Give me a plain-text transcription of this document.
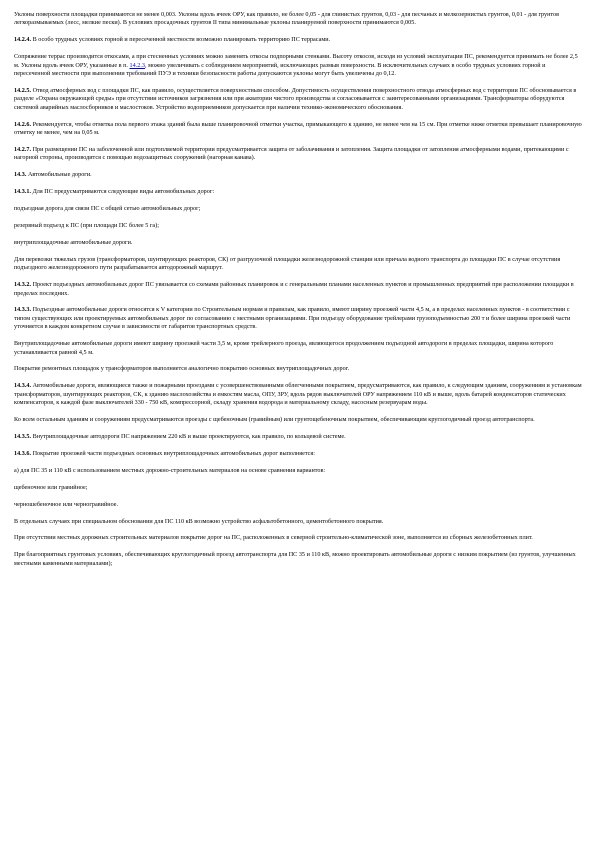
Уклоны поверхности площадки принимаются не менее 0,003. Уклоны вдоль ячеек ОРУ, как правило, не более 0,05 - для глинистых грунтов, 0,03 - для песчаных и мелкозернистых грунтов, 0,01 - для грунтов легкоразмываемых (лесс, мелкие пески). В условиях просадочных грунтов II типа минимальные уклоны планируемой поверхности принимаются 0,005.

14.2.4. В особо трудных условиях горной и пересеченной местности возможно планировать территорию ПС террасами.

Сопряжение террас производится откосами, а при стесненных условиях можно заменять откосы подпорными стенками. Высоту откосов, исходя из условий эксплуатации ПС, рекомендуется принимать не более 2,5 м. Уклоны вдоль ячеек ОРУ, указанные в п. 14.2.3, можно увеличивать с соблюдением мероприятий, исключающих размыв поверхности. В исключительных случаях в особо трудных условиях горной и пересеченной местности при выполнении требований ПУЭ и техники безопасности работы допускаются уклоны могут быть увеличены до 0,12.

14.2.5. Отвод атмосферных вод с площадки ПС, как правило, осуществляется поверхностным способом. Допустимость осуществления поверхностного отвода атмосферных вод с территории ПС обосновывается в разделе «Охрана окружающей среды» при отсутствии источников загрязнения или при акватории чистого производства и согласовывается с заинтересованными организациями. Трансформаторы оборудуются системой аварийных маслосборников и маслостоков. Устройство водоприемников допускается при наличии технико-экономического обоснования.

14.2.6. Рекомендуется, чтобы отметка пола первого этажа зданий была выше планировочной отметки участка, примыкающего к зданию, не менее чем на 15 см. При отметке ниже отметки превышает планировочную отметку не менее, чем на 0,05 м.

14.2.7. При размещении ПС на заболоченной или подтопляемой территории предусматривается защита от заболачивания и затопления. Защита площадки от затопления атмосферными водами, притекающими с нагорной стороны, производится с помощью водозащитных сооружений (нагорная канава).

14.3. Автомобильные дороги.

14.3.1. Для ПС предусматриваются следующие виды автомобильных дорог:

подъездная дорога для связи ПС с общей сетью автомобильных дорог;

резервный подъезд к ПС (при площади ПС более 5 га);

внутриплощадочные автомобильные дороги.

Для перевозки тяжелых грузов (трансформаторов, шунтирующих реакторов, СК) от разгрузочной площадки железнодорожной станции или причала водного транспорта до площадки ПС в случае отсутствия подъездного железнодорожного пути разрабатывается автодорожный маршрут.

14.3.2. Проект подъездных автомобильных дорог ПС увязывается со схемами районных планировок и с генеральными планами населенных пунктов и промышленных предприятий при расположении площадки в пределах последних.

14.3.3. Подъездные автомобильные дороги относятся к V категории по Строительным нормам и правилам, как правило, имеют ширину проезжей части 4,5 м, а в пределах населенных пунктов - в соответствии с типом существующих или проектируемых автомобильных дорог по согласованию с местными организациями. При подъезду оборудование трейлерами грузоподъемностью 200 т и более ширина проезжей части уточняется в каждом конкретном случае в зависимости от габаритов транспортных средств.

Внутриплощадочные автомобильные дороги имеют ширину проезжей части 3,5 м, кроме трейлерного проезда, являющегося продолжением подъездной автодороги в пределах площадки, ширина которого устанавливается равной 4,5 м.

Покрытие ремонтных площадок у трансформаторов выполняется аналогично покрытию основных внутриплощадочных дорог.

14.3.4. Автомобильные дороги, являющиеся также и пожарными проездами с усовершенствованными облегченными покрытием, предусматриваются, как правило, к следующим зданиям, сооружениям и установкам трансформаторов, шунтирующих реакторов, СК, к зданию маслохозяйства и емкостям масла, ОПУ, ЗРУ, вдоль рядов выключателей ОРУ напряжением 110 кВ и выше, вдоль батарей конденсаторов статических компенсаторов, к каждой фазе выключателей 330 - 750 кВ, компрессорной, складу хранения водорода и материальному складу, насосным резервуарам воды.

Ко всем остальным зданиям и сооружениям предусматриваются проезды с щебеночным (гравийным) или грунтощебеночным покрытием, обеспечивающим круглогодичный проезд автотранспорта.

14.3.5. Внутриплощадочные автодороги ПС напряжением 220 кВ и выше проектируются, как правило, по кольцевой системе.

14.3.6. Покрытие проезжей части подъездных основных внутриплощадочных автомобильных дорог выполняется:

а) для ПС 35 и 110 кВ с использованием местных дорожно-строительных материалов на основе сравнения вариантов:

щебеночное или гравийное;

черношебеночное или черногравийное.

В отдельных случаях при специальном обосновании для ПС 110 кВ возможно устройство асфальтобетонного, цементобетонного покрытия.

При отсутствии местных дорожных строительных материалов покрытие дорог на ПС, расположенных в северной строительно-климатической зоне, выполняется из сборных железобетонных плит.

При благоприятных грунтовых условиях, обеспечивающих круглогодичный проезд автотранспорта для ПС 35 и 110 кВ, можно проектировать автомобильные дороги с низким покрытием (из грунтов, улучшенных местными каменными материалами);
